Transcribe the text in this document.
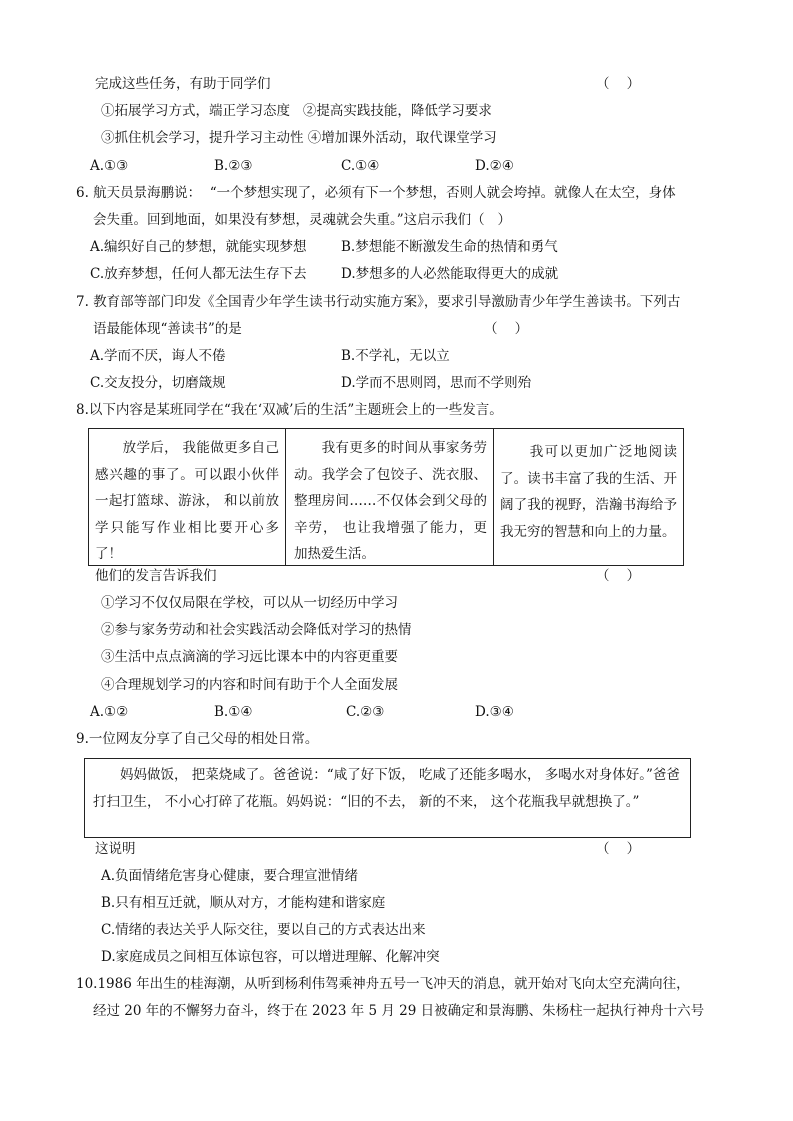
完成这些任务，有助于同学们	（    ）
①拓展学习方式，端正学习态度   ②提高实践技能，降低学习要求
③抓住机会学习，提升学习主动性 ④增加课外活动，取代课堂学习
A.①③	B.②③	C.①④	D.②④
6. 航天员景海鹏说：  “一个梦想实现了，必须有下一个梦想，否则人就会垮掉。就像人在太空，身体
会失重。回到地面，如果没有梦想，灵魂就会失重。”这启示我们（   ）
A.编织好自己的梦想，就能实现梦想	B.梦想能不断激发生命的热情和勇气
C.放弃梦想，任何人都无法生存下去	D.梦想多的人必然能取得更大的成就
7. 教育部等部门印发《全国青少年学生读书行动实施方案》，要求引导激励青少年学生善读书。下列古
语最能体现“善读书”的是	（    ）
A.学而不厌，诲人不倦	B.不学礼，无以立
C.交友投分，切磨箴规	D.学而不思则罔，思而不学则殆
8.以下内容是某班同学在“我在‘双减’后的生活”主题班会上的一些发言。
　　放学后， 我能做更多自己感兴趣的事了。可以跟小伙伴一起打篮球、游泳， 和以前放学只能写作业相比要开心多了！
　　我有更多的时间从事家务劳动。我学会了包饺子、洗衣服、整理房间……不仅体会到父母的辛劳， 也让我增强了能力，更加热爱生活。
　　我可以更加广泛地阅读了。读书丰富了我的生活、开阔了我的视野，浩瀚书海给予我无穷的智慧和向上的力量。
他们的发言告诉我们	（    ）
①学习不仅仅局限在学校，可以从一切经历中学习
②参与家务劳动和社会实践活动会降低对学习的热情
③生活中点点滴滴的学习远比课本中的内容更重要
④合理规划学习的内容和时间有助于个人全面发展
A.①②	B.①④	C.②③	D.③④
9.一位网友分享了自己父母的相处日常。
　　妈妈做饭， 把菜烧咸了。爸爸说：“咸了好下饭， 吃咸了还能多喝水， 多喝水对身体好。”爸爸打扫卫生， 不小心打碎了花瓶。妈妈说：“旧的不去， 新的不来， 这个花瓶我早就想换了。”
这说明	（    ）
A.负面情绪危害身心健康，要合理宣泄情绪
B.只有相互迁就，顺从对方，才能构建和谐家庭
C.情绪的表达关乎人际交往，要以自己的方式表达出来
D.家庭成员之间相互体谅包容，可以增进理解、化解冲突
10.1986 年出生的桂海潮，从听到杨利伟驾乘神舟五号一飞冲天的消息，就开始对飞向太空充满向往，
经过 20 年的不懈努力奋斗，终于在 2023 年 5 月 29 日被确定和景海鹏、朱杨柱一起执行神舟十六号
